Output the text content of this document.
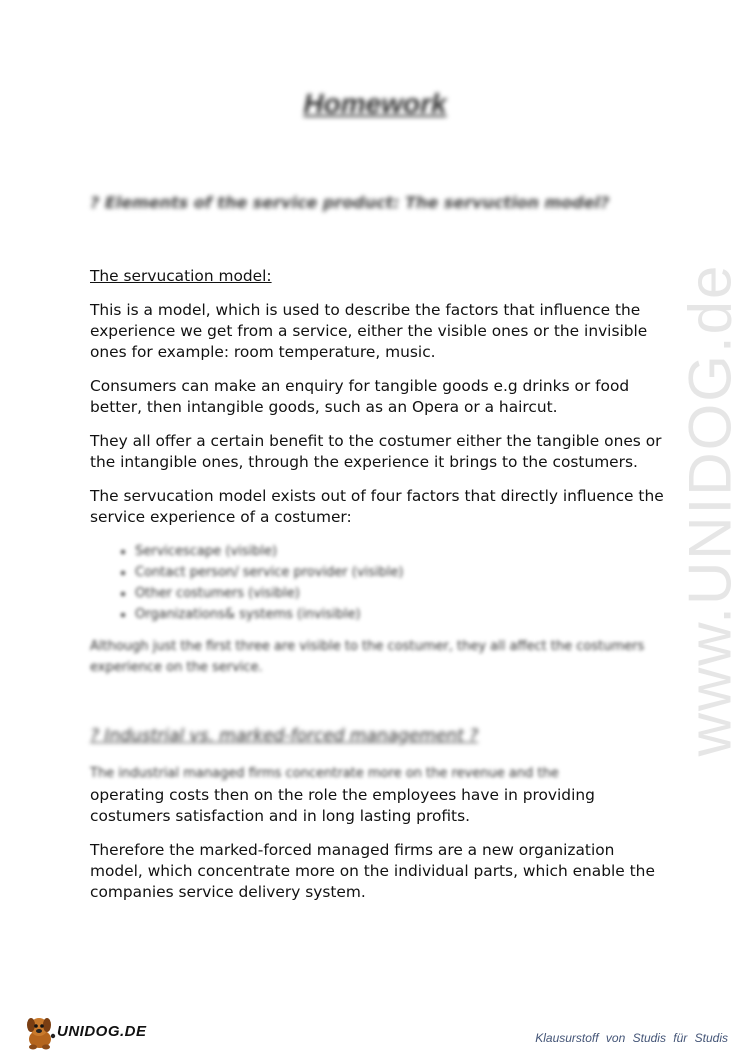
www.UNIDOG.de
Homework
? Elements of the service product: The servuction model?
The servucation model:

This is a model, which is used to describe the factors that influence the experience we get from a service, either the visible ones or the invisible ones for example: room temperature, music.

Consumers can make an enquiry for tangible goods e.g drinks or food better, then intangible goods, such as an Opera or a haircut.

They all offer a certain benefit to the costumer either the tangible ones or the intangible ones, through the experience it brings to the costumers.

The servucation model exists out of four factors that directly influence the service experience of a costumer:

• Servicescape (visible)
• Contact person/ service provider (visible)
• Other costumers (visible)
• Organizations& systems (invisible)
Although just the first three are visible to the costumer, they all affect the costumers experience on the service.
? Industrial vs. marked-forced management ?
The industrial managed firms concentrate more on the revenue and the
operating costs then on the role the employees have in providing
costumers satisfaction and in long lasting profits.

Therefore the marked-forced managed firms are a new organization model, which concentrate more on the individual parts, which enable the companies service delivery system.

UNIDOG.DE	Klausurstoff von Studis für Studis
